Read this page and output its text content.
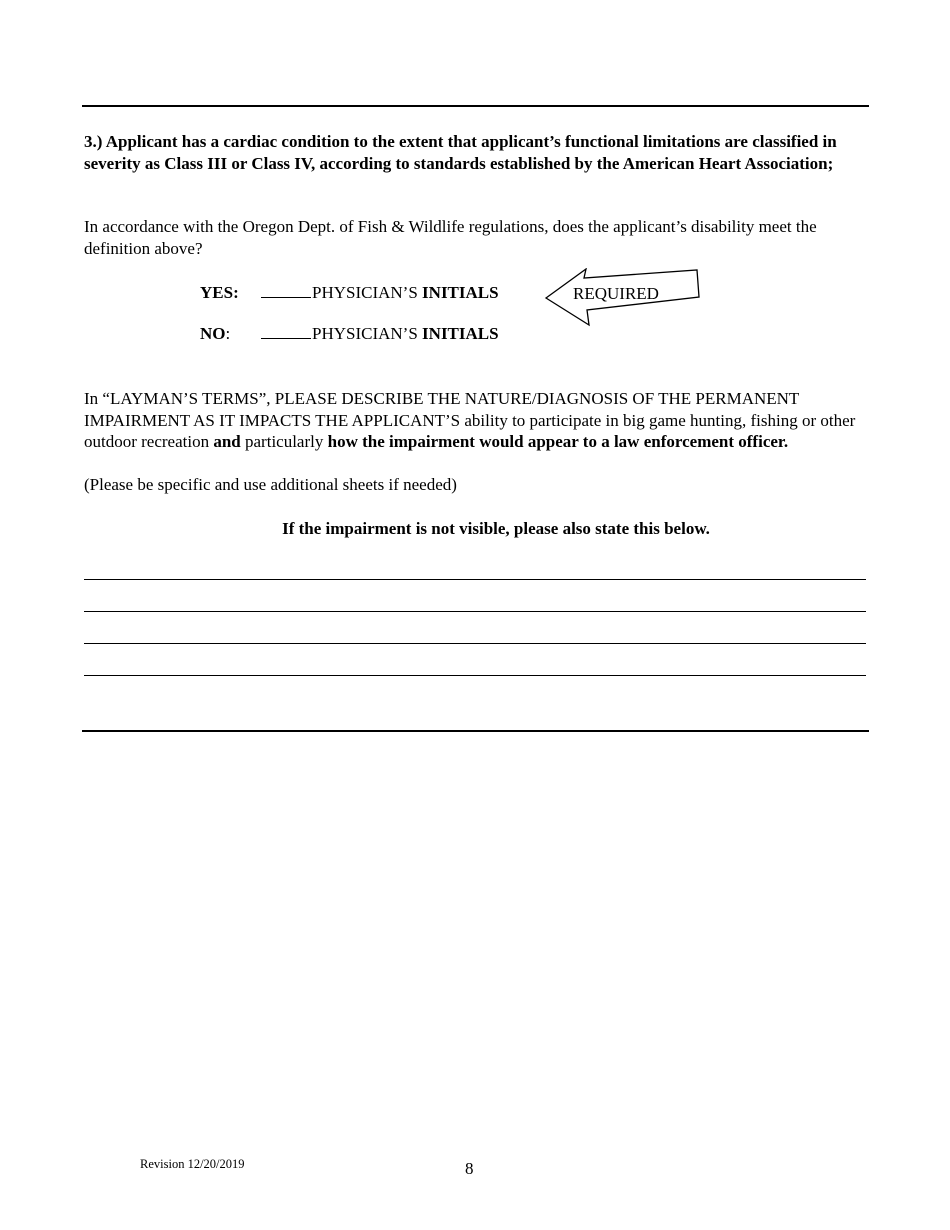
3.) Applicant has a cardiac condition to the extent that applicant’s functional limitations are classified in severity as Class III or Class IV, according to standards established by the American Heart Association;
In accordance with the Oregon Dept. of Fish & Wildlife regulations, does the applicant’s disability meet the definition above?
YES:	PHYSICIAN’S INITIALS	REQUIRED
NO:	PHYSICIAN’S INITIALS
In “LAYMAN’S TERMS”, PLEASE DESCRIBE THE NATURE/DIAGNOSIS OF THE PERMANENT IMPAIRMENT AS IT IMPACTS THE APPLICANT’S ability to participate in big game hunting, fishing or other outdoor recreation and particularly how the impairment would appear to a law enforcement officer.
(Please be specific and use additional sheets if needed)
If the impairment is not visible, please also state this below.
Revision 12/20/2019	8
